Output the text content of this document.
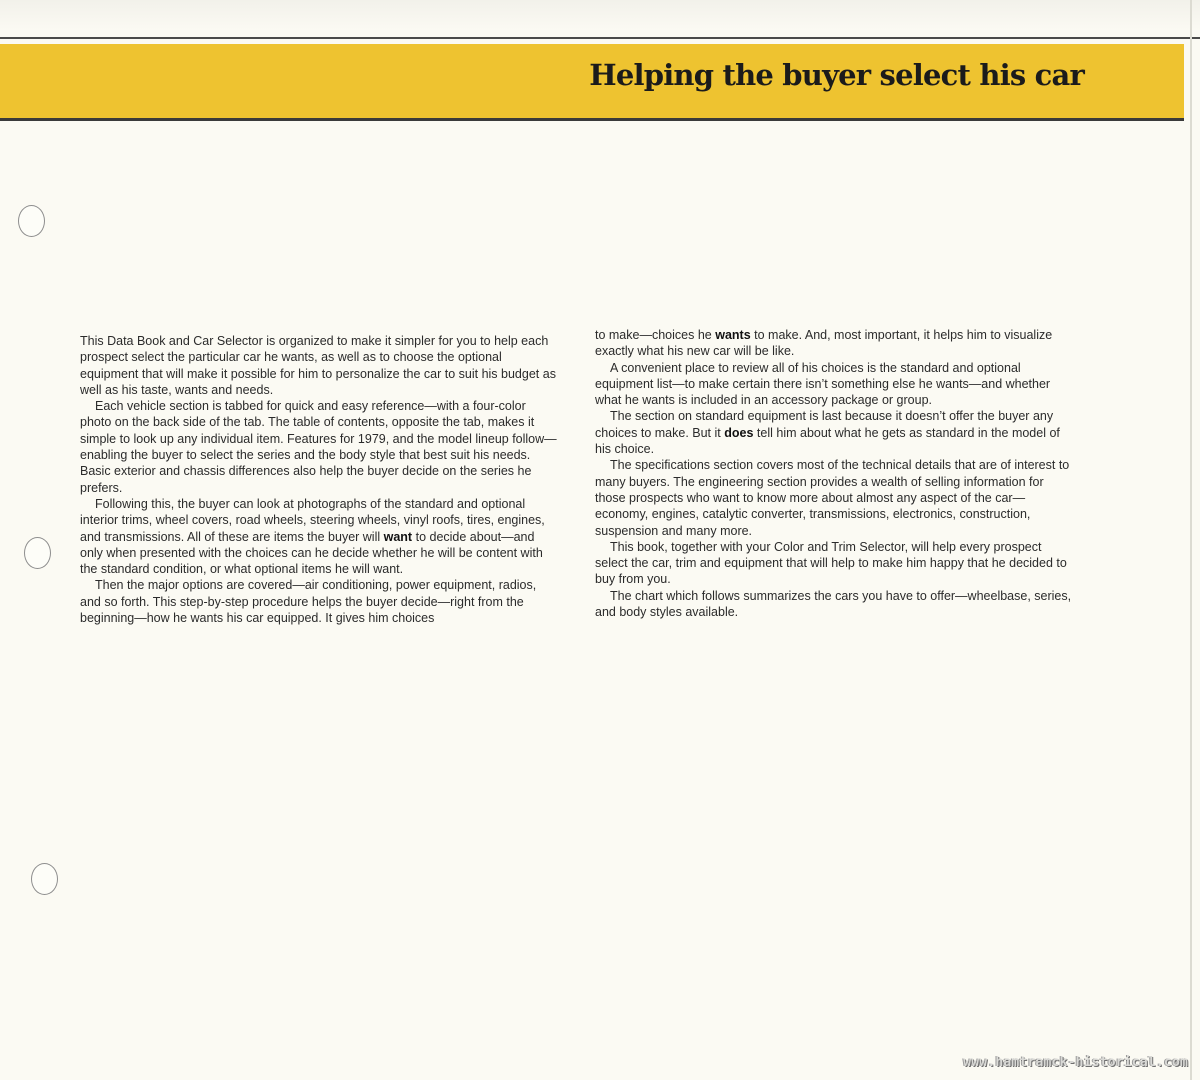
Helping the buyer select his car

This Data Book and Car Selector is organized to make it simpler for you to help each prospect select the particular car he wants, as well as to choose the optional equipment that will make it possible for him to personalize the car to suit his budget as well as his taste, wants and needs.

Each vehicle section is tabbed for quick and easy reference—with a four-color photo on the back side of the tab. The table of contents, opposite the tab, makes it simple to look up any individual item. Features for 1979, and the model lineup follow—enabling the buyer to select the series and the body style that best suit his needs. Basic exterior and chassis differences also help the buyer decide on the series he prefers.

Following this, the buyer can look at photographs of the standard and optional interior trims, wheel covers, road wheels, steering wheels, vinyl roofs, tires, engines, and transmissions. All of these are items the buyer will want to decide about—and only when presented with the choices can he decide whether he will be content with the standard condition, or what optional items he will want.

Then the major options are covered—air conditioning, power equipment, radios, and so forth. This step-by-step procedure helps the buyer decide—right from the beginning—how he wants his car equipped. It gives him choices

to make—choices he wants to make. And, most important, it helps him to visualize exactly what his new car will be like.

A convenient place to review all of his choices is the standard and optional equipment list—to make certain there isn’t something else he wants—and whether what he wants is included in an accessory package or group.

The section on standard equipment is last because it doesn’t offer the buyer any choices to make. But it does tell him about what he gets as standard in the model of his choice.

The specifications section covers most of the technical details that are of interest to many buyers. The engineering section provides a wealth of selling information for those prospects who want to know more about almost any aspect of the car—economy, engines, catalytic converter, transmissions, electronics, construction, suspension and many more.

This book, together with your Color and Trim Selector, will help every prospect select the car, trim and equipment that will help to make him happy that he decided to buy from you.

The chart which follows summarizes the cars you have to offer—wheelbase, series, and body styles available.

www.hamtramck-historical.com
